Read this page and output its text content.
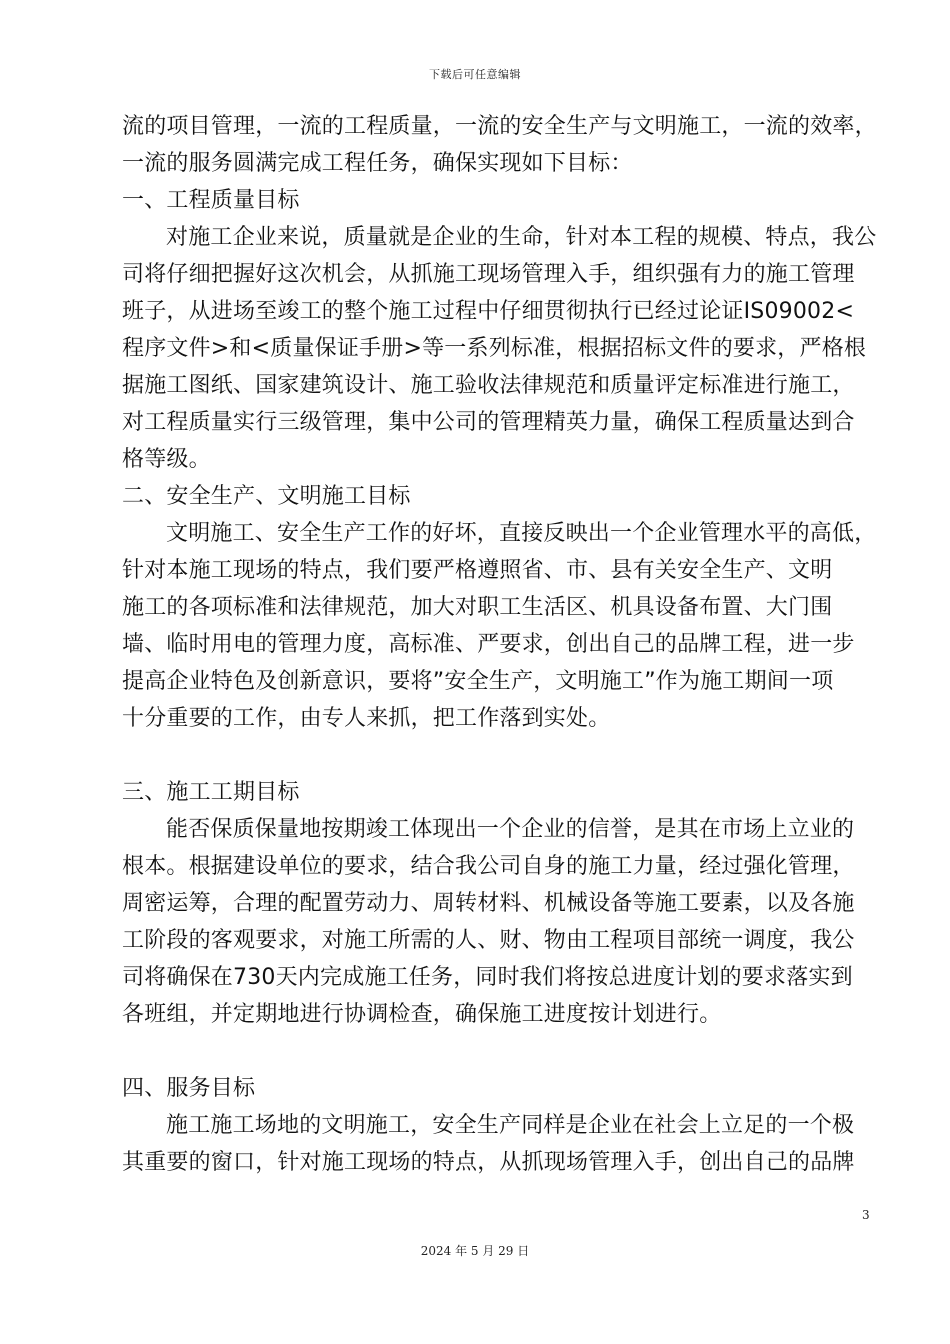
下载后可任意编辑
流的项目管理，一流的工程质量，一流的安全生产与文明施工，一流的效率，
一流的服务圆满完成工程任务，确保实现如下目标：
一、工程质量目标
对施工企业来说，质量就是企业的生命，针对本工程的规模、特点，我公
司将仔细把握好这次机会，从抓施工现场管理入手，组织强有力的施工管理
班子，从进场至竣工的整个施工过程中仔细贯彻执行已经过论证IS09002<
程序文件>和<质量保证手册>等一系列标准，根据招标文件的要求，严格根
据施工图纸、国家建筑设计、施工验收法律规范和质量评定标准进行施工，
对工程质量实行三级管理，集中公司的管理精英力量，确保工程质量达到合
格等级。
二、安全生产、文明施工目标
文明施工、安全生产工作的好坏，直接反映出一个企业管理水平的高低，
针对本施工现场的特点，我们要严格遵照省、市、县有关安全生产、文明
施工的各项标准和法律规范，加大对职工生活区、机具设备布置、大门围
墙、临时用电的管理力度，高标准、严要求，创出自己的品牌工程，进一步
提高企业特色及创新意识，要将”安全生产，文明施工”作为施工期间一项
十分重要的工作，由专人来抓，把工作落到实处。
三、施工工期目标
能否保质保量地按期竣工体现出一个企业的信誉，是其在市场上立业的
根本。根据建设单位的要求，结合我公司自身的施工力量，经过强化管理，
周密运筹，合理的配置劳动力、周转材料、机械设备等施工要素，以及各施
工阶段的客观要求，对施工所需的人、财、物由工程项目部统一调度，我公
司将确保在730天内完成施工任务，同时我们将按总进度计划的要求落实到
各班组，并定期地进行协调检查，确保施工进度按计划进行。
四、服务目标
施工施工场地的文明施工，安全生产同样是企业在社会上立足的一个极
其重要的窗口，针对施工现场的特点，从抓现场管理入手，创出自己的品牌
3
2024 年 5 月 29 日
